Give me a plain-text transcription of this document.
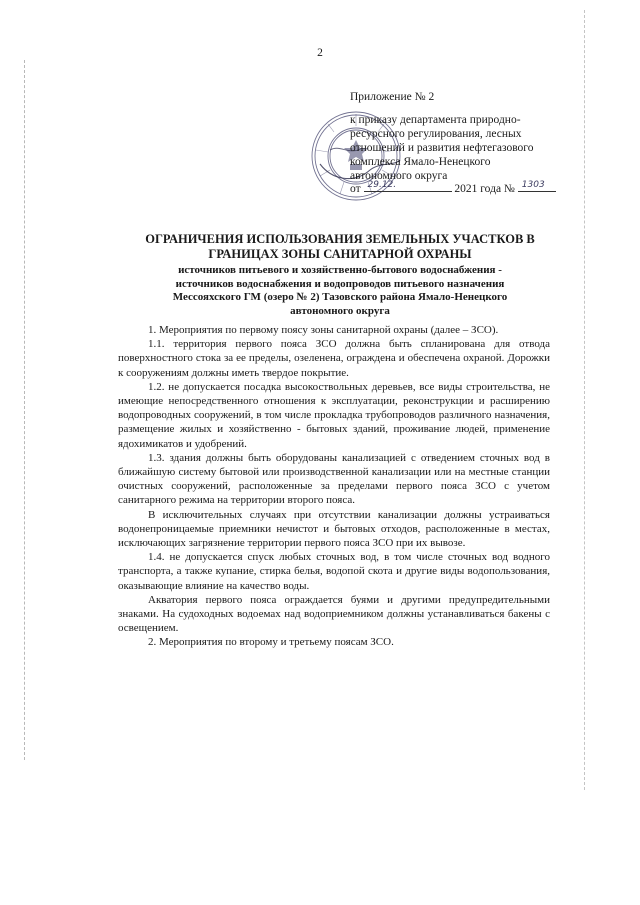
2
Приложение № 2
к приказу департамента природно-
ресурсного регулирования, лесных
отношений и развития нефтегазового
комплекса Ямало-Ненецкого
автономного округа
от 29.12.	2021 года № 1303

ОГРАНИЧЕНИЯ ИСПОЛЬЗОВАНИЯ ЗЕМЕЛЬНЫХ УЧАСТКОВ В

ГРАНИЦАХ ЗОНЫ САНИТАРНОЙ ОХРАНЫ

источников питьевого и хозяйственно-бытового водоснабжения -

источников водоснабжения и водопроводов питьевого назначения

Мессояхского ГМ (озеро № 2) Тазовского района Ямало-Ненецкого

автономного округа

1. Мероприятия по первому поясу зоны санитарной охраны (далее – ЗСО).

1.1. территория первого пояса ЗСО должна быть спланирована для отвода поверхностного стока за ее пределы, озеленена, ограждена и обеспечена охраной. Дорожки к сооружениям должны иметь твердое покрытие.

1.2. не допускается посадка высокоствольных деревьев, все виды строительства, не имеющие непосредственного отношения к эксплуатации, реконструкции и расширению водопроводных сооружений, в том числе прокладка трубопроводов различного назначения, размещение жилых и хозяйственно - бытовых зданий, проживание людей, применение ядохимикатов и удобрений.

1.3. здания должны быть оборудованы канализацией с отведением сточных вод в ближайшую систему бытовой или производственной канализации или на местные станции очистных сооружений, расположенные за пределами первого пояса ЗСО с учетом санитарного режима на территории второго пояса.

В исключительных случаях при отсутствии канализации должны устраиваться водонепроницаемые приемники нечистот и бытовых отходов, расположенные в местах, исключающих загрязнение территории первого пояса ЗСО при их вывозе.

1.4. не допускается спуск любых сточных вод, в том числе сточных вод водного транспорта, а также купание, стирка белья, водопой скота и другие виды водопользования, оказывающие влияние на качество воды.

Акватория первого пояса ограждается буями и другими предупредительными знаками. На судоходных водоемах над водоприемником должны устанавливаться бакены с освещением.

2. Мероприятия по второму и третьему поясам ЗСО.
